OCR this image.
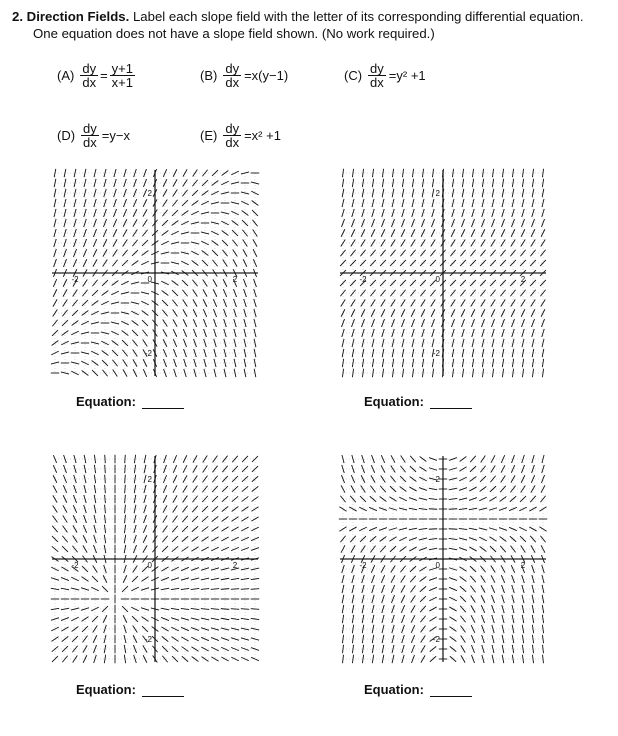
2. Direction Fields. Label each slope field with the letter of its corresponding differential equation.
One equation does not have a slope field shown. (No work required.)
$(A) \frac{dy}{dx} = \frac{y+1}{x+1}$	$(B) \frac{dy}{dx} =x(y-1)$	$(C) \frac{dy}{dx} =y^2 +1$
$(D) \frac{dy}{dx} =y-x$	$(E) \frac{dy}{dx} =x^2 +1$
2
-2
2
-2	0
2
-2
2
-2	0
2
-2
2
-2	0
2
-2
2
-2	0
Equation:	Equation:
Equation:	Equation:
